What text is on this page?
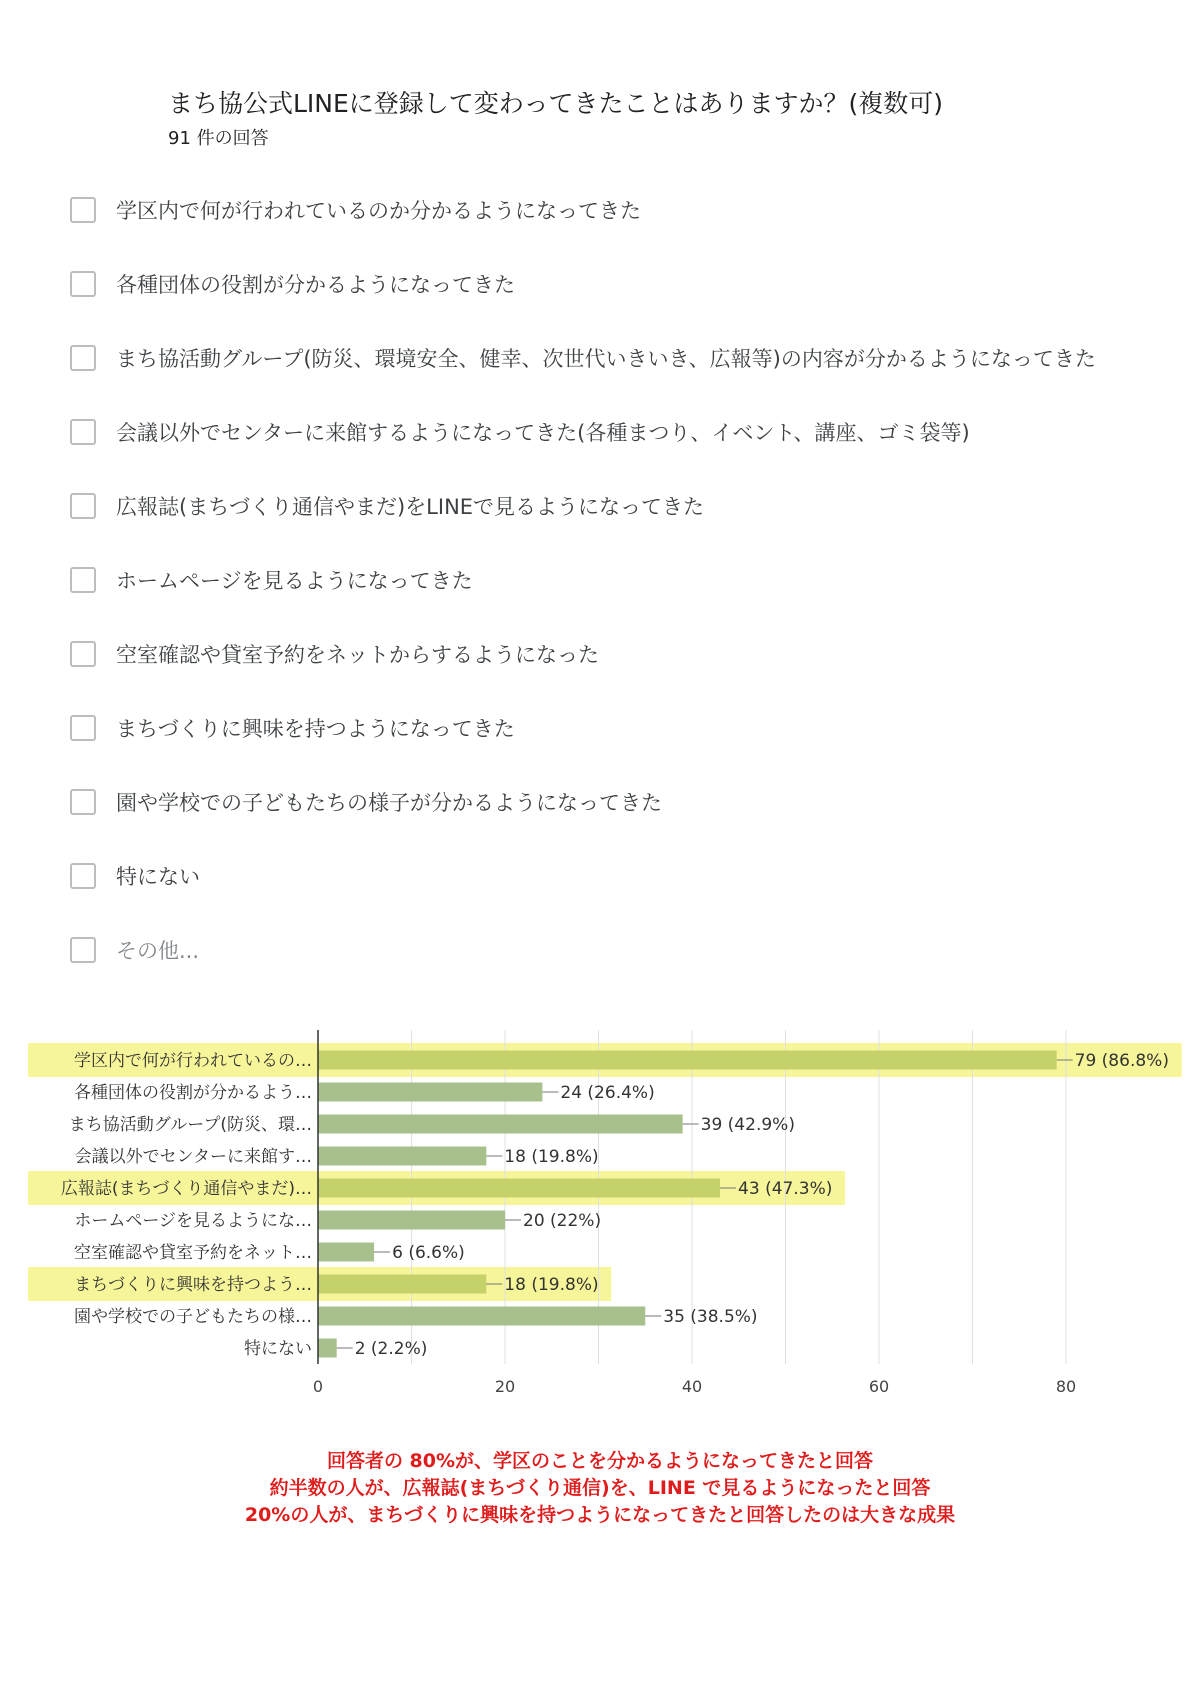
まち協公式LINEに登録して変わってきたことはありますか？(複数可)
91 件の回答
学区内で何が行われているのか分かるようになってきた
各種団体の役割が分かるようになってきた
まち協活動グループ(防災、環境安全、健幸、次世代いきいき、広報等)の内容が分かるようになってきた
会議以外でセンターに来館するようになってきた(各種まつり、イベント、講座、ゴミ袋等)
広報誌(まちづくり通信やまだ)をLINEで見るようになってきた
ホームページを見るようになってきた
空室確認や貸室予約をネットからするようになった
まちづくりに興味を持つようになってきた
園や学校での子どもたちの様子が分かるようになってきた
特にない
その他...
0	20	40	60	80
79 (86.8%)
学区内で何が行われているの…
24 (26.4%)
各種団体の役割が分かるよう…
39 (42.9%)
まち協活動グループ(防災、環…
18 (19.8%)
会議以外でセンターに来館す…
43 (47.3%)
広報誌(まちづくり通信やまだ)…
20 (22%)
ホームページを見るようにな…
6 (6.6%)
空室確認や貸室予約をネット…
18 (19.8%)
まちづくりに興味を持つよう…
35 (38.5%)
園や学校での子どもたちの様…
2 (2.2%)
特にない

回答者の 80%が、学区のことを分かるようになってきたと回答

約半数の人が、広報誌(まちづくり通信)を、LINE で見るようになったと回答

20%の人が、まちづくりに興味を持つようになってきたと回答したのは大きな成果
